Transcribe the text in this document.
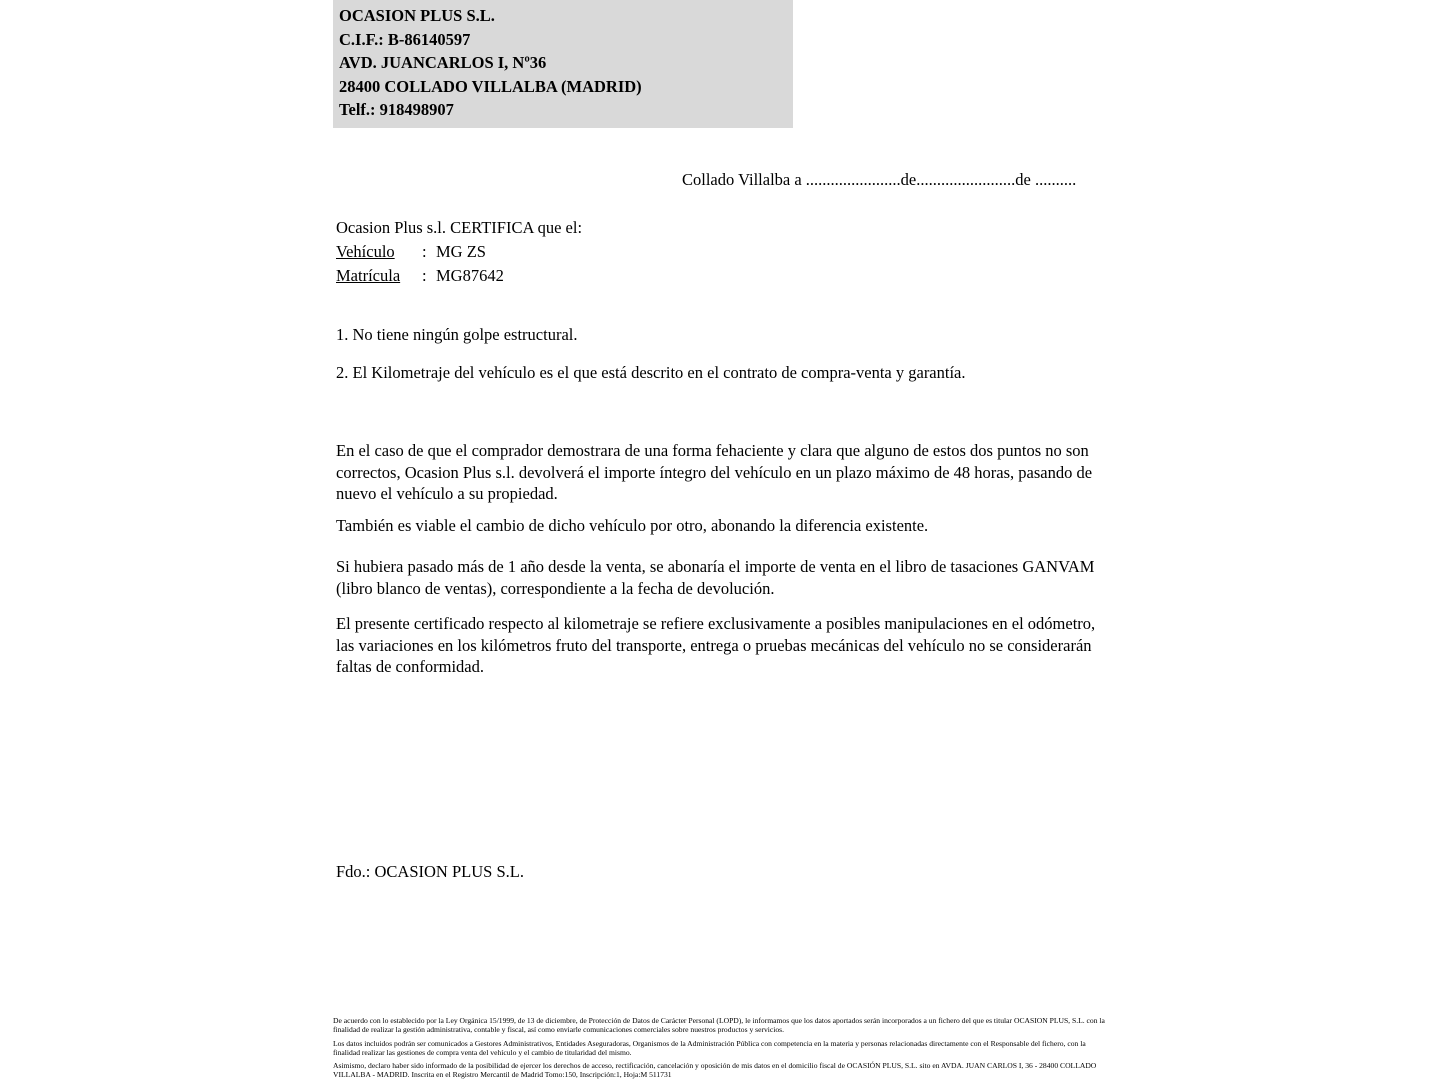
OCASION PLUS S.L.
C.I.F.: B-86140597
AVD. JUANCARLOS I, Nº36
28400 COLLADO VILLALBA (MADRID)
Telf.: 918498907
Collado Villalba a .......................de........................de ..........
Ocasion Plus s.l. CERTIFICA que el:
Vehículo	: MG ZS
Matrícula	: MG87642
1. No tiene ningún golpe estructural.
2. El Kilometraje del vehículo es el que está descrito en el contrato de compra-venta y garantía.
En el caso de que el comprador demostrara de una forma fehaciente y clara que alguno de estos dos puntos no son correctos, Ocasion Plus s.l. devolverá el importe íntegro del vehículo en un plazo máximo de 48 horas, pasando de nuevo el vehículo a su propiedad.
También es viable el cambio de dicho vehículo por otro, abonando la diferencia existente.
Si hubiera pasado más de 1 año desde la venta, se abonaría el importe de venta en el libro de tasaciones GANVAM (libro blanco de ventas), correspondiente a la fecha de devolución.
El presente certificado respecto al kilometraje se refiere exclusivamente a posibles manipulaciones en el odómetro, las variaciones en los kilómetros fruto del transporte, entrega o pruebas mecánicas del vehículo no se considerarán faltas de conformidad.
Fdo.: OCASION PLUS S.L.

De acuerdo con lo establecido por la Ley Orgánica 15/1999, de 13 de diciembre, de Protección de Datos de Carácter Personal (LOPD), le informamos que los datos aportados serán incorporados a un fichero del que es titular OCASION PLUS, S.L. con la finalidad de realizar la gestión administrativa, contable y fiscal, así como enviarle comunicaciones comerciales sobre nuestros productos y servicios.

Los datos incluidos podrán ser comunicados a Gestores Administrativos, Entidades Aseguradoras, Organismos de la Administración Pública con competencia en la materia y personas relacionadas directamente con el Responsable del fichero, con la finalidad realizar las gestiones de compra venta del vehículo y el cambio de titularidad del mismo.

Asimismo, declaro haber sido informado de la posibilidad de ejercer los derechos de acceso, rectificación, cancelación y oposición de mis datos en el domicilio fiscal de OCASIÓN PLUS, S.L. sito en AVDA. JUAN CARLOS I, 36 - 28400 COLLADO VILLALBA - MADRID. Inscrita en el Registro Mercantil de Madrid Tomo:150, Inscripción:1, Hoja:M 511731
